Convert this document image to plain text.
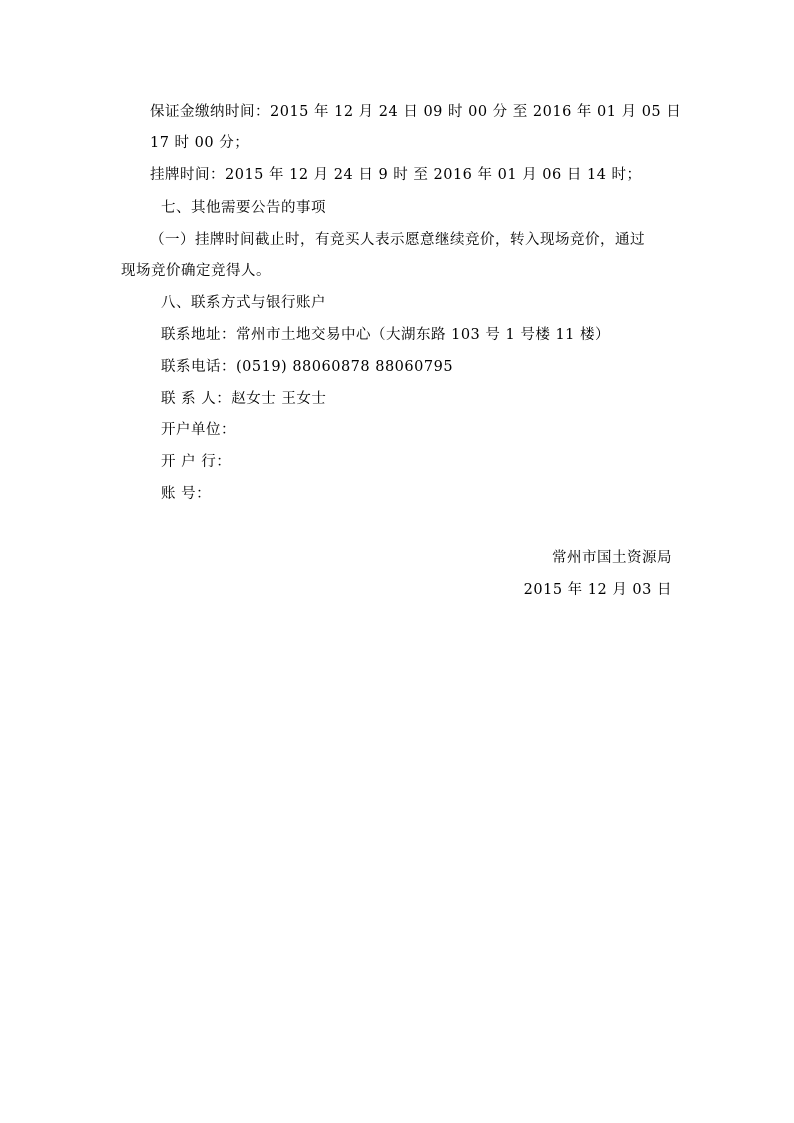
保证金缴纳时间：2015 年 12 月 24 日 09 时 00 分 至 2016 年 01 月 05 日
17 时 00 分；
挂牌时间：2015 年 12 月 24 日 9 时 至 2016 年 01 月 06 日 14 时；
七、其他需要公告的事项
（一）挂牌时间截止时，有竞买人表示愿意继续竞价，转入现场竞价，通过
现场竞价确定竞得人。
八、联系方式与银行账户
联系地址：常州市土地交易中心（大湖东路 103 号 1 号楼 11 楼）
联系电话：(0519) 88060878 88060795
联 系 人：赵女士 王女士
开户单位：
开 户 行：
账 号：
常州市国土资源局
2015 年 12 月 03 日
